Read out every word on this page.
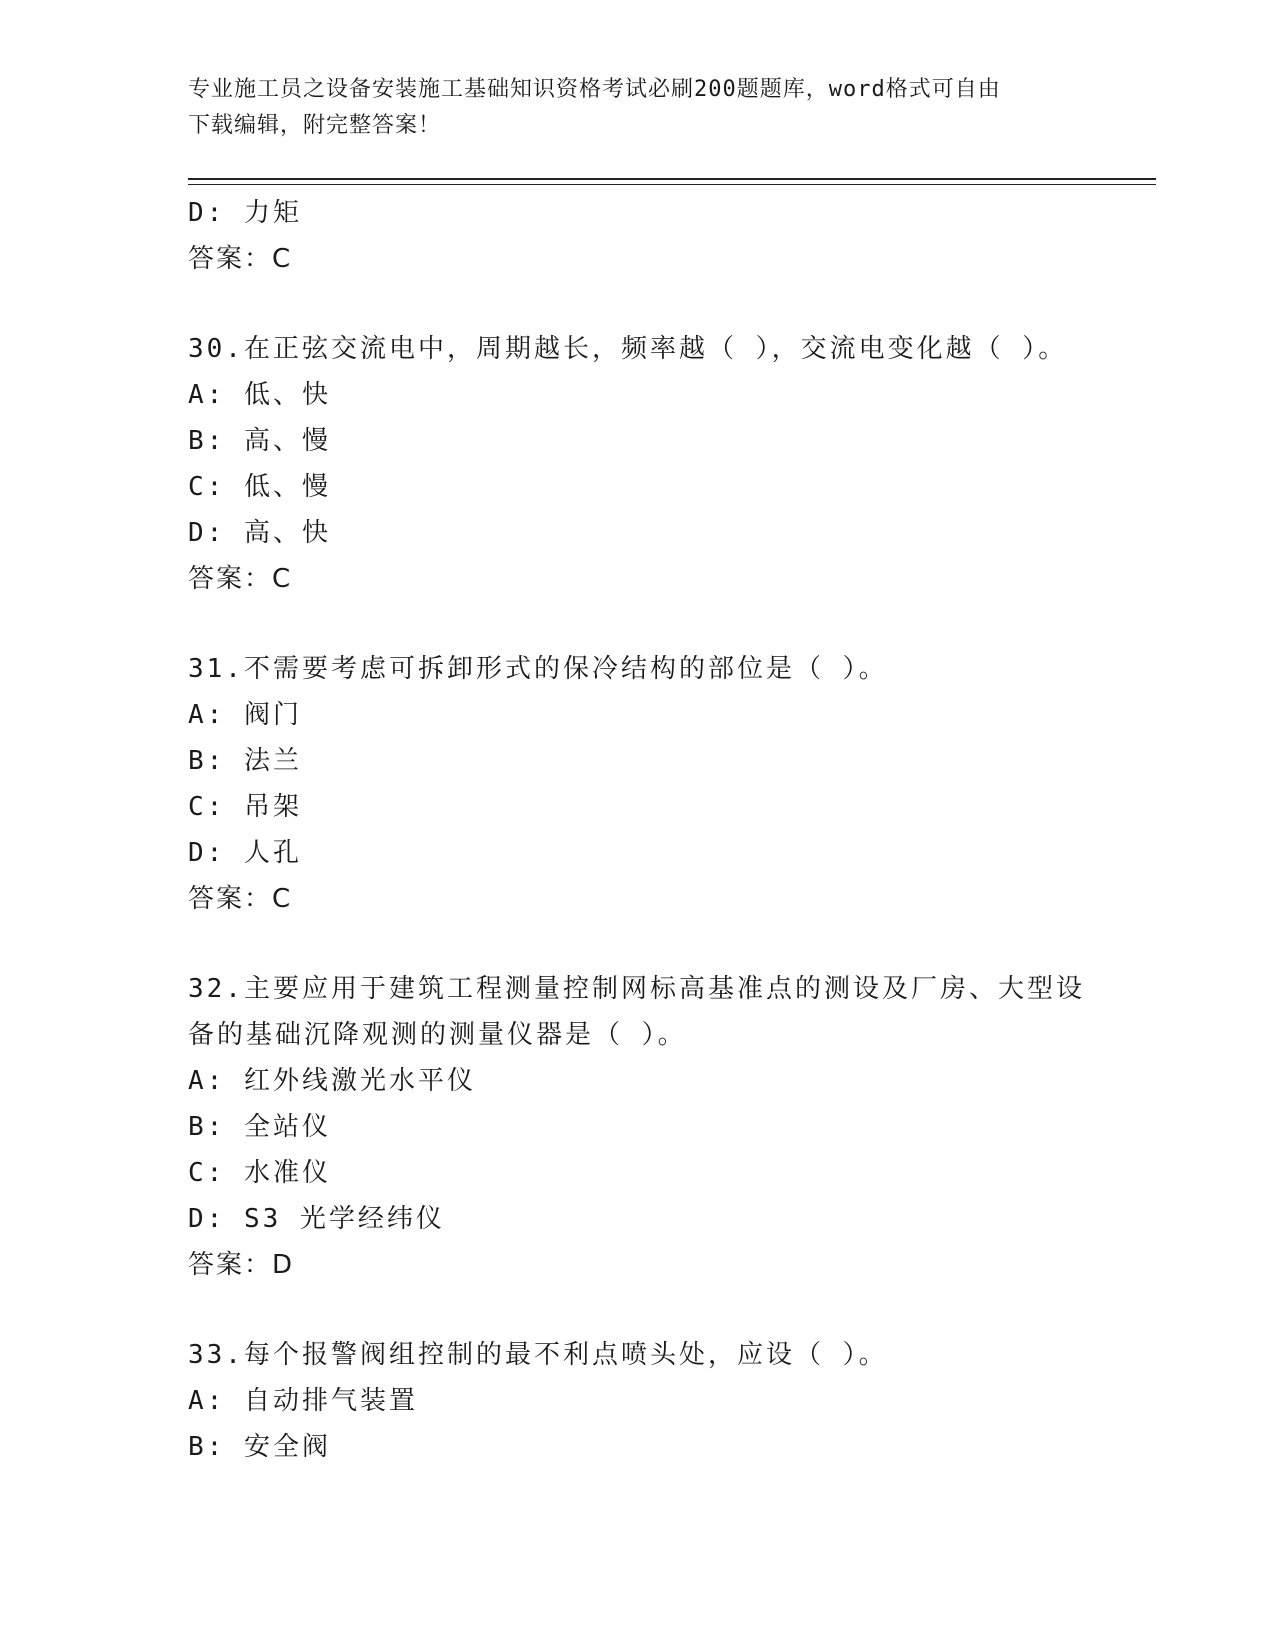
专业施工员之设备安装施工基础知识资格考试必刷200题题库，word格式可自由
下载编辑，附完整答案！
D: 力矩
答案：C
30.在正弦交流电中，周期越长，频率越（ ），交流电变化越（ ）。
A: 低、快
B: 高、慢
C: 低、慢
D: 高、快
答案：C
31.不需要考虑可拆卸形式的保冷结构的部位是（ ）。
A: 阀门
B: 法兰
C: 吊架
D: 人孔
答案：C
32.主要应用于建筑工程测量控制网标高基准点的测设及厂房、大型设
备的基础沉降观测的测量仪器是（ ）。
A: 红外线激光水平仪
B: 全站仪
C: 水准仪
D: S3 光学经纬仪
答案：D
33.每个报警阀组控制的最不利点喷头处，应设（ ）。
A: 自动排气装置
B: 安全阀
